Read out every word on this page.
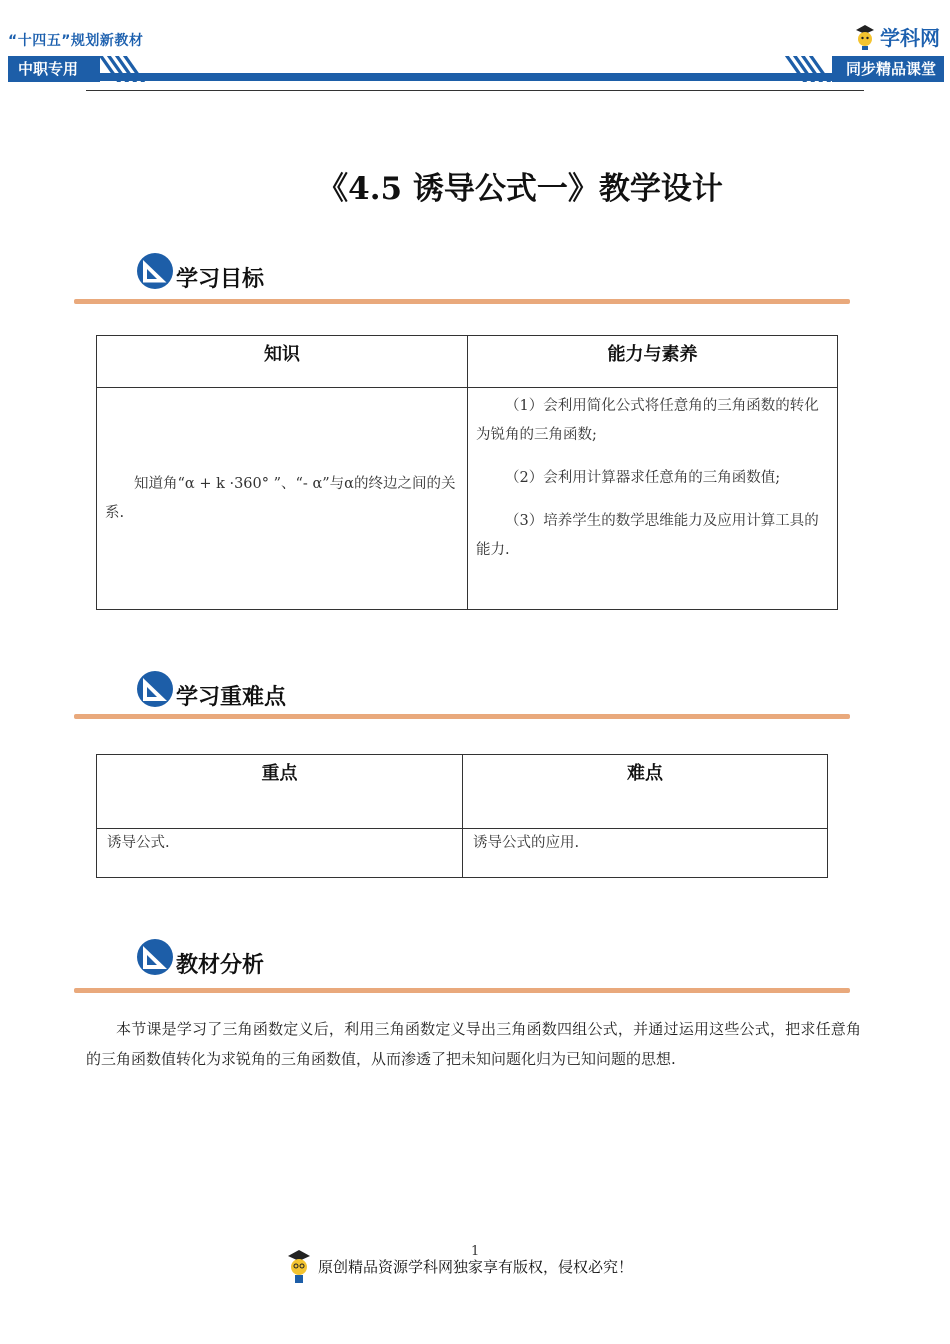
“十四五”规划新教材
中职专用	同步精品课堂
学科网
《4.5 诱导公式一》教学设计
学习目标
知识	能力与素养

知道角“α + k ·360° ”、“- α”与α的终边之间的关系.	（1）会利用简化公式将任意角的三角函数的转化为锐角的三角函数;

（2）会利用计算器求任意角的三角函数值;

（3）培养学生的数学思维能力及应用计算工具的能力.

学习重难点
重点	难点
诱导公式.	诱导公式的应用.
教材分析
本节课是学习了三角函数定义后，利用三角函数定义导出三角函数四组公式，并通过运用这些公式，把求任意角的三角函数值转化为求锐角的三角函数值，从而渗透了把未知问题化归为已知问题的思想.
1
原创精品资源学科网独家享有版权，侵权必究！
